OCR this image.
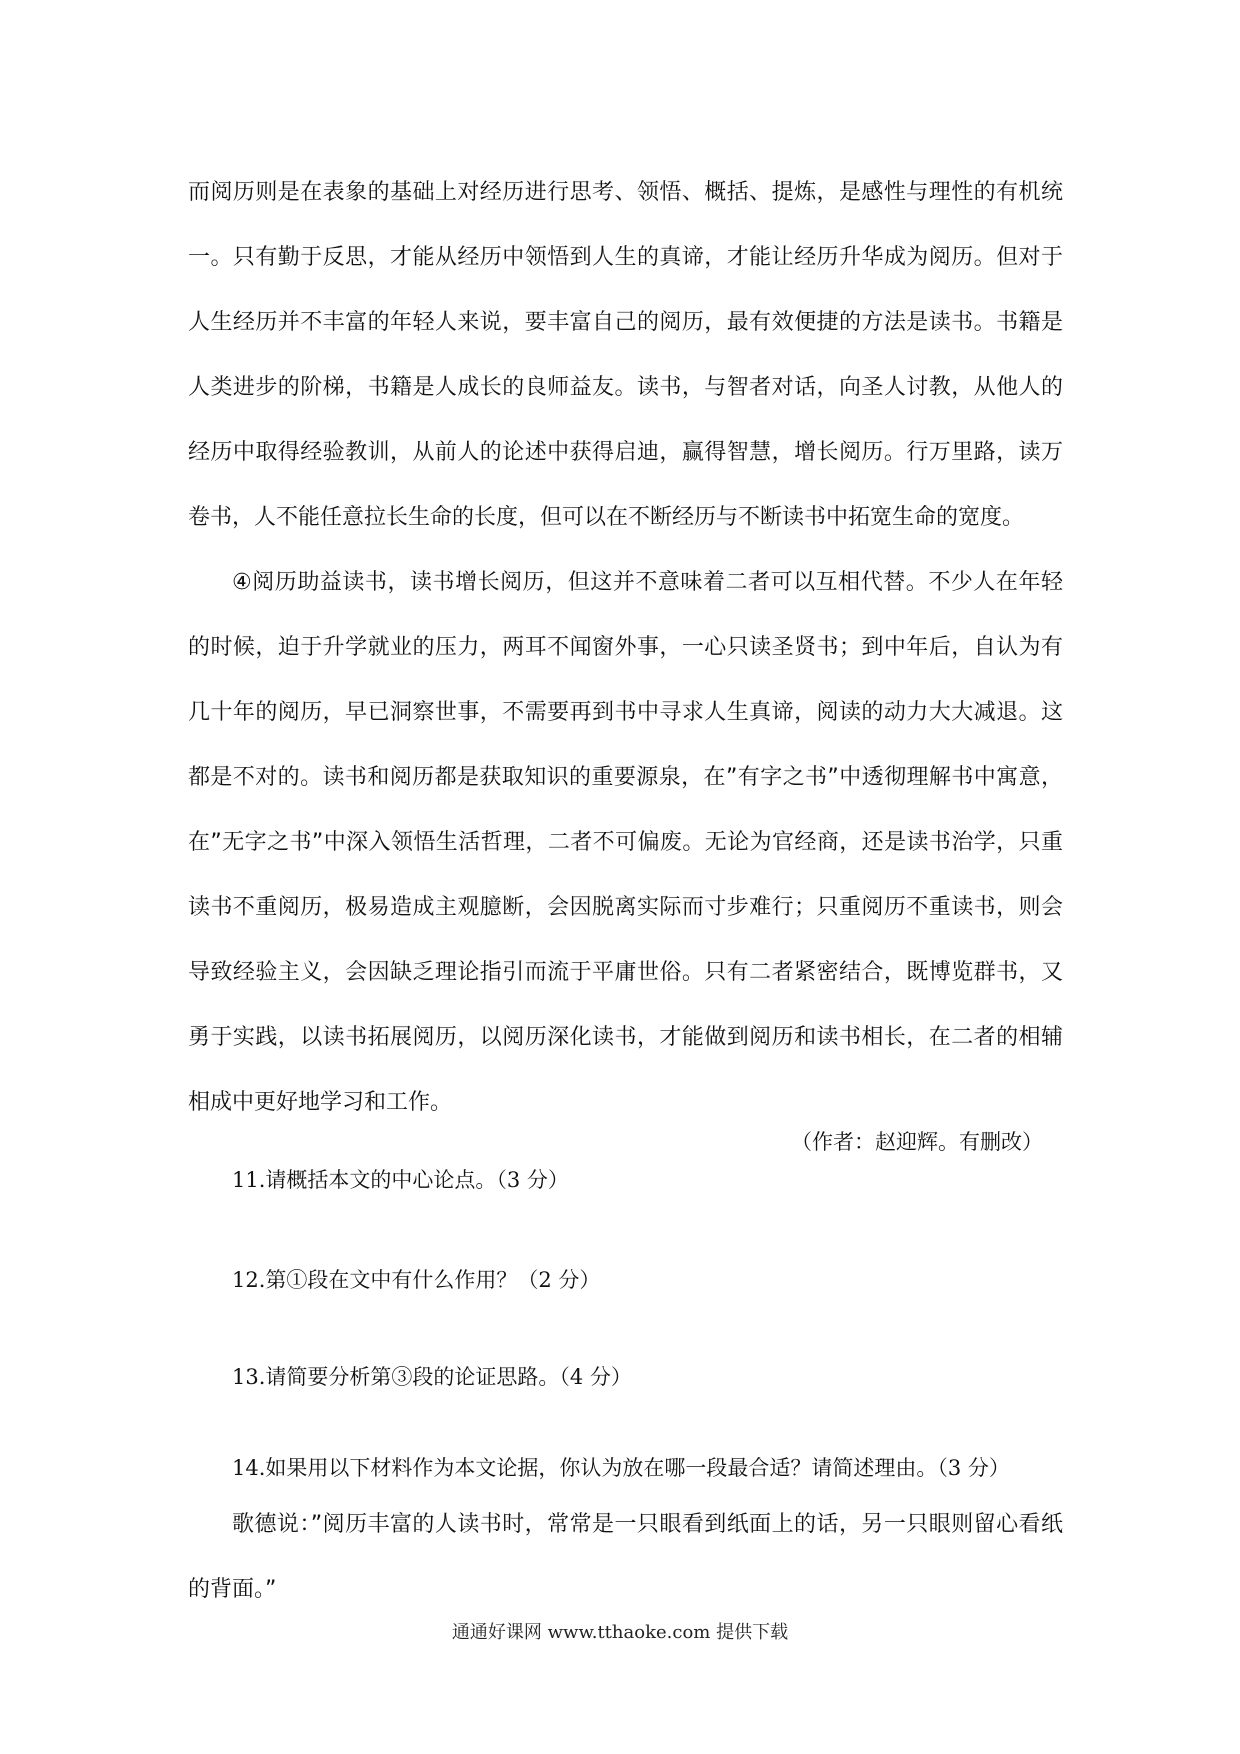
而阅历则是在表象的基础上对经历进行思考、领悟、概括、提炼，是感性与理性的有机统一。只有勤于反思，才能从经历中领悟到人生的真谛，才能让经历升华成为阅历。但对于人生经历并不丰富的年轻人来说，要丰富自己的阅历，最有效便捷的方法是读书。书籍是人类进步的阶梯，书籍是人成长的良师益友。读书，与智者对话，向圣人讨教，从他人的经历中取得经验教训，从前人的论述中获得启迪，赢得智慧，增长阅历。行万里路，读万卷书，人不能任意拉长生命的长度，但可以在不断经历与不断读书中拓宽生命的宽度。

④阅历助益读书，读书增长阅历，但这并不意味着二者可以互相代替。不少人在年轻的时候，迫于升学就业的压力，两耳不闻窗外事，一心只读圣贤书；到中年后，自认为有几十年的阅历，早已洞察世事，不需要再到书中寻求人生真谛，阅读的动力大大减退。这都是不对的。读书和阅历都是获取知识的重要源泉，在”有字之书”中透彻理解书中寓意，在”无字之书”中深入领悟生活哲理，二者不可偏废。无论为官经商，还是读书治学，只重读书不重阅历，极易造成主观臆断，会因脱离实际而寸步难行；只重阅历不重读书，则会导致经验主义，会因缺乏理论指引而流于平庸世俗。只有二者紧密结合，既博览群书，又勇于实践，以读书拓展阅历，以阅历深化读书，才能做到阅历和读书相长，在二者的相辅相成中更好地学习和工作。

（作者：赵迎辉。有删改）
11.请概括本文的中心论点。（3 分）
12.第①段在文中有什么作用？（2 分）
13.请简要分析第③段的论证思路。（4 分）
14.如果用以下材料作为本文论据，你认为放在哪一段最合适？请简述理由。（3 分）

歌德说：”阅历丰富的人读书时，常常是一只眼看到纸面上的话，另一只眼则留心看纸的背面。”

通通好课网 www.tthaoke.com 提供下载
